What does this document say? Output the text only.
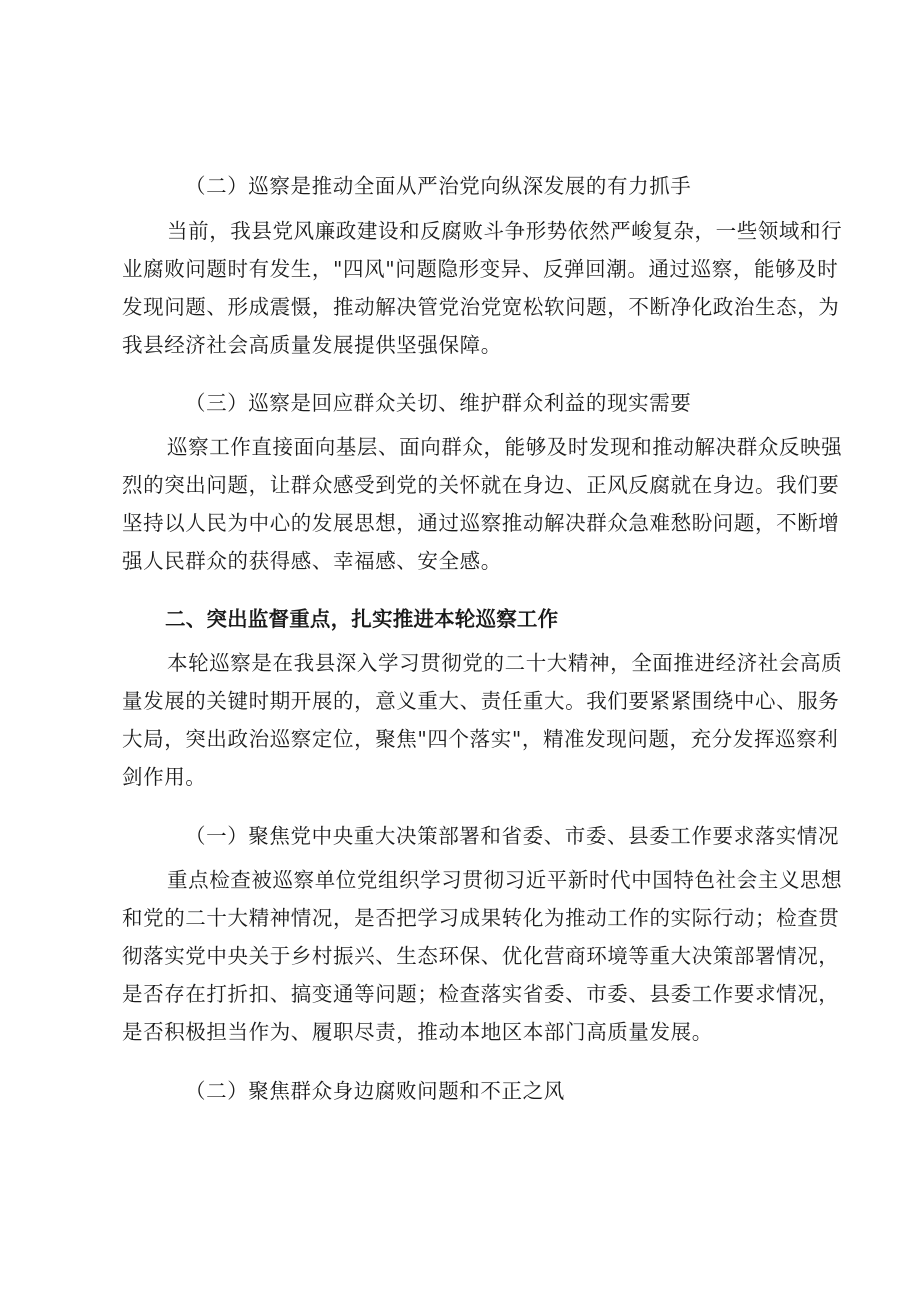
（二）巡察是推动全面从严治党向纵深发展的有力抓手

当前，我县党风廉政建设和反腐败斗争形势依然严峻复杂，一些领域和行
业腐败问题时有发生，"四风"问题隐形变异、反弹回潮。通过巡察，能够及时
发现问题、形成震慑，推动解决管党治党宽松软问题，不断净化政治生态，为
我县经济社会高质量发展提供坚强保障。

（三）巡察是回应群众关切、维护群众利益的现实需要

巡察工作直接面向基层、面向群众，能够及时发现和推动解决群众反映强
烈的突出问题，让群众感受到党的关怀就在身边、正风反腐就在身边。我们要
坚持以人民为中心的发展思想，通过巡察推动解决群众急难愁盼问题，不断增
强人民群众的获得感、幸福感、安全感。

二、突出监督重点，扎实推进本轮巡察工作

本轮巡察是在我县深入学习贯彻党的二十大精神，全面推进经济社会高质
量发展的关键时期开展的，意义重大、责任重大。我们要紧紧围绕中心、服务
大局，突出政治巡察定位，聚焦"四个落实"，精准发现问题，充分发挥巡察利
剑作用。

（一）聚焦党中央重大决策部署和省委、市委、县委工作要求落实情况

重点检查被巡察单位党组织学习贯彻习近平新时代中国特色社会主义思想
和党的二十大精神情况，是否把学习成果转化为推动工作的实际行动；检查贯
彻落实党中央关于乡村振兴、生态环保、优化营商环境等重大决策部署情况，
是否存在打折扣、搞变通等问题；检查落实省委、市委、县委工作要求情况，
是否积极担当作为、履职尽责，推动本地区本部门高质量发展。

（二）聚焦群众身边腐败问题和不正之风
